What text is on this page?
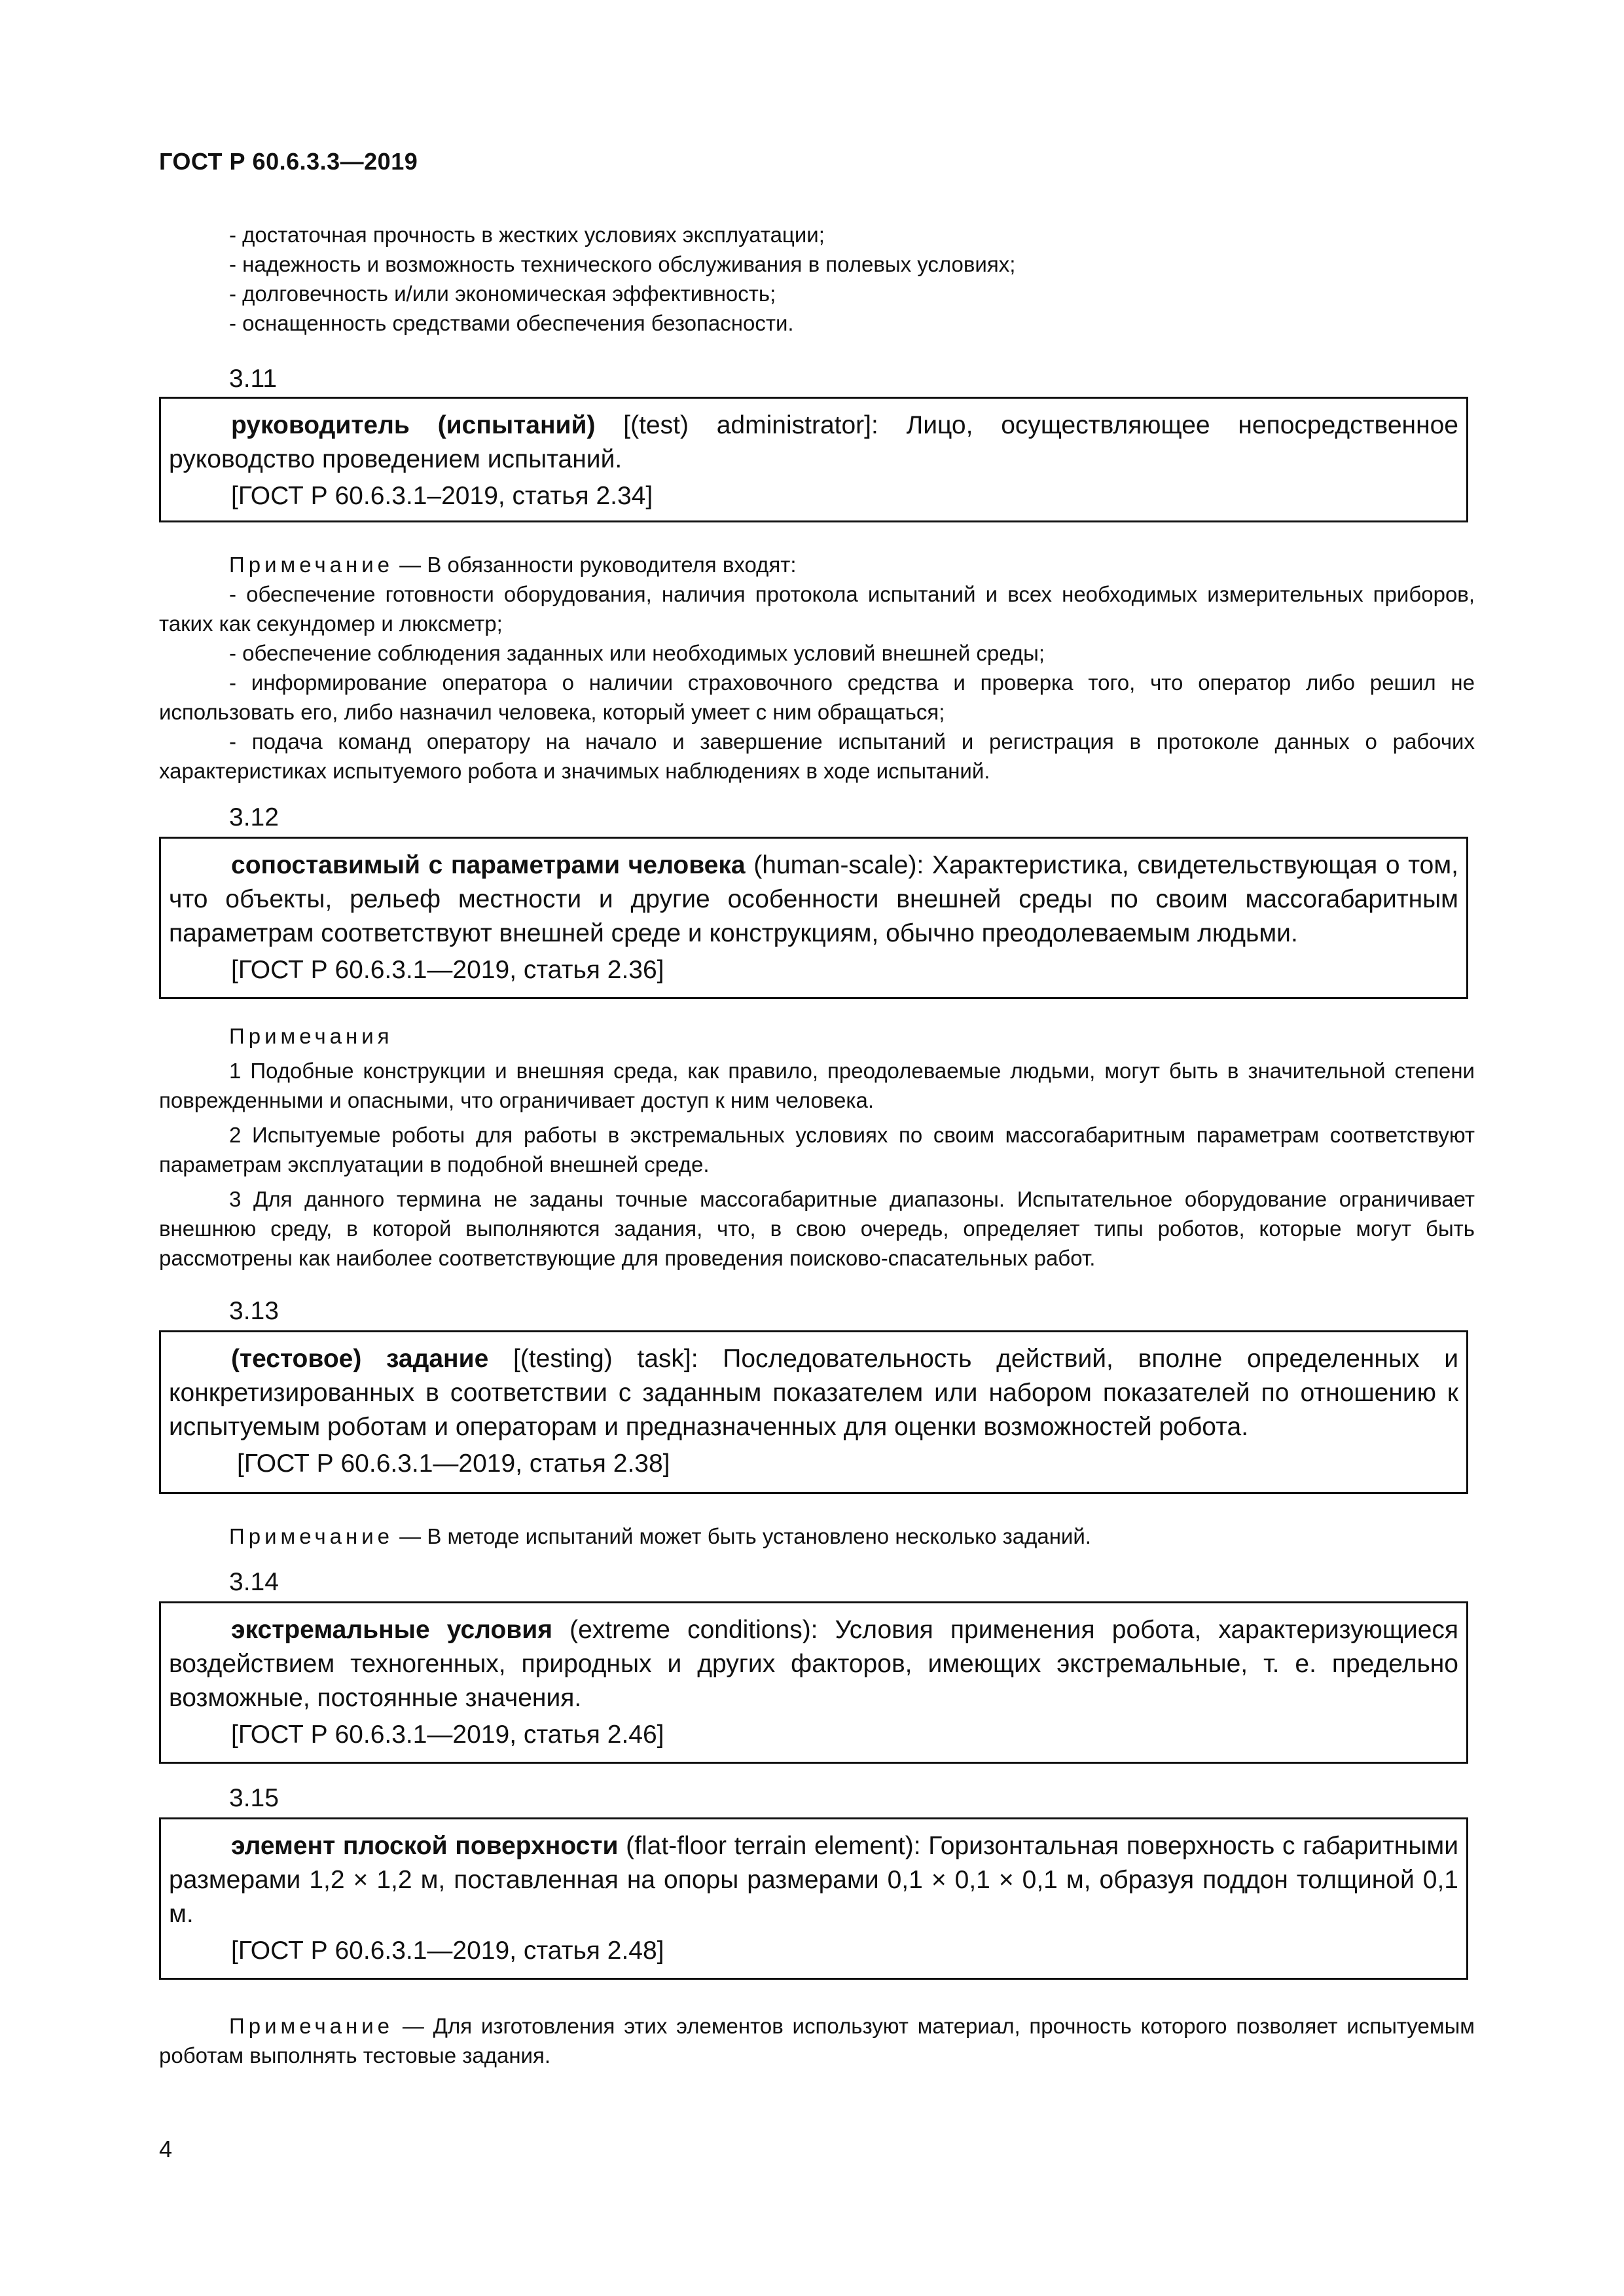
ГОСТ Р 60.6.3.3—2019

- достаточная прочность в жестких условиях эксплуатации;

- надежность и возможность технического обслуживания в полевых условиях;

- долговечность и/или экономическая эффективность;

- оснащенность средствами обеспечения безопасности.

3.11

руководитель (испытаний) [(test) administrator]: Лицо, осуществляющее непосредственное руководство проведением испытаний.

[ГОСТ Р 60.6.3.1–2019, статья 2.34]

Примечание — В обязанности руководителя входят:

- обеспечение готовности оборудования, наличия протокола испытаний и всех необходимых измерительных приборов, таких как секундомер и люксметр;

- обеспечение соблюдения заданных или необходимых условий внешней среды;

- информирование оператора о наличии страховочного средства и проверка того, что оператор либо решил не использовать его, либо назначил человека, который умеет с ним обращаться;

- подача команд оператору на начало и завершение испытаний и регистрация в протоколе данных о рабочих характеристиках испытуемого робота и значимых наблюдениях в ходе испытаний.

3.12

сопоставимый с параметрами человека (human-scale): Характеристика, свидетельствующая о том, что объекты, рельеф местности и другие особенности внешней среды по своим массогабаритным параметрам соответствуют внешней среде и конструкциям, обычно преодолеваемым людьми.

[ГОСТ Р 60.6.3.1—2019, статья 2.36]

Примечания

1 Подобные конструкции и внешняя среда, как правило, преодолеваемые людьми, могут быть в значительной степени поврежденными и опасными, что ограничивает доступ к ним человека.

2 Испытуемые роботы для работы в экстремальных условиях по своим массогабаритным параметрам соответствуют параметрам эксплуатации в подобной внешней среде.

3 Для данного термина не заданы точные массогабаритные диапазоны. Испытательное оборудование ограничивает внешнюю среду, в которой выполняются задания, что, в свою очередь, определяет типы роботов, которые могут быть рассмотрены как наиболее соответствующие для проведения поисково-спасательных работ.

3.13

(тестовое) задание [(testing) task]: Последовательность действий, вполне определенных и конкретизированных в соответствии с заданным показателем или набором показателей по отношению к испытуемым роботам и операторам и предназначенных для оценки возможностей робота.

[ГОСТ Р 60.6.3.1—2019, статья 2.38]

Примечание — В методе испытаний может быть установлено несколько заданий.

3.14

экстремальные условия (extreme conditions): Условия применения робота, характеризующиеся воздействием техногенных, природных и других факторов, имеющих экстремальные, т. е. предельно возможные, постоянные значения.

[ГОСТ Р 60.6.3.1—2019, статья 2.46]

3.15

элемент плоской поверхности (flat-floor terrain element): Горизонтальная поверхность с габаритными размерами 1,2 × 1,2 м, поставленная на опоры размерами 0,1 × 0,1 × 0,1 м, образуя поддон толщиной 0,1 м.

[ГОСТ Р 60.6.3.1—2019, статья 2.48]

Примечание — Для изготовления этих элементов используют материал, прочность которого позволяет испытуемым роботам выполнять тестовые задания.

4
